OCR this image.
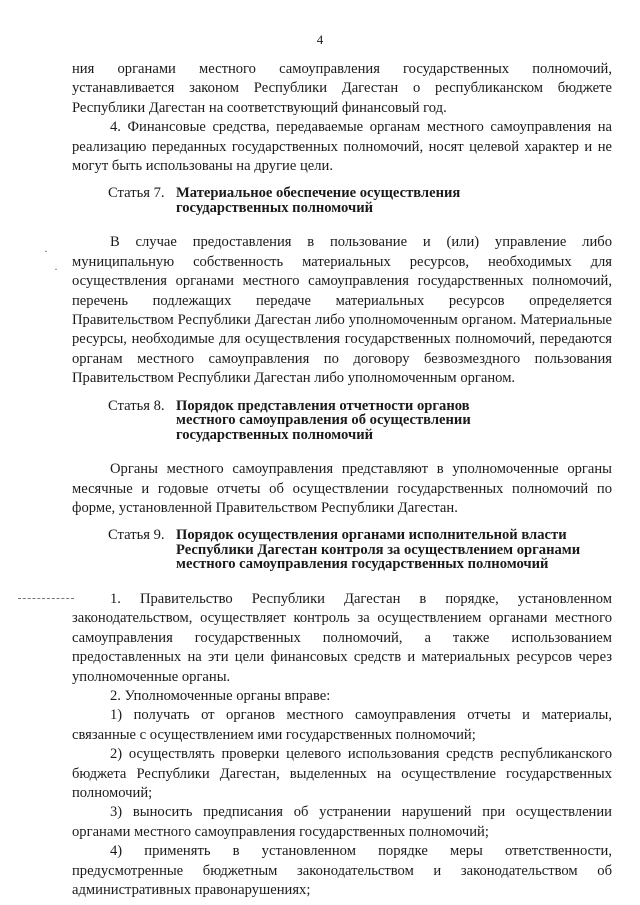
4

ния органами местного самоуправления государственных полномочий, устанавливается законом Республики Дагестан о республиканском бюджете Республики Дагестан на соответствующий финансовый год.

4. Финансовые средства, передаваемые органам местного самоуправления на реализацию переданных государственных полномочий, носят целевой характер и не могут быть использованы на другие цели.

Статья 7. Материальное обеспечение осуществления
государственных полномочий

В случае предоставления в пользование и (или) управление либо муниципальную собственность материальных ресурсов, необходимых для осуществления органами местного самоуправления государственных полномочий, перечень подлежащих передаче материальных ресурсов определяется Правительством Республики Дагестан либо уполномоченным органом. Материальные ресурсы, необходимые для осуществления государственных полномочий, передаются органам местного самоуправления по договору безвозмездного пользования Правительством Республики Дагестан либо уполномоченным органом.

Статья 8. Порядок представления отчетности органов
местного самоуправления об осуществлении
государственных полномочий

Органы местного самоуправления представляют в уполномоченные органы месячные и годовые отчеты об осуществлении государственных полномочий по форме, установленной Правительством Республики Дагестан.

Статья 9. Порядок осуществления органами исполнительной власти
Республики Дагестан контроля за осуществлением органами
местного самоуправления государственных полномочий

1. Правительство Республики Дагестан в порядке, установленном законодательством, осуществляет контроль за осуществлением органами местного самоуправления государственных полномочий, а также использованием предоставленных на эти цели финансовых средств и материальных ресурсов через уполномоченные органы.

2. Уполномоченные органы вправе:

1) получать от органов местного самоуправления отчеты и материалы, связанные с осуществлением ими государственных полномочий;

2) осуществлять проверки целевого использования средств республиканского бюджета Республики Дагестан, выделенных на осуществление государственных полномочий;

3) выносить предписания об устранении нарушений при осуществлении органами местного самоуправления государственных полномочий;

4) применять в установленном порядке меры ответственности, предусмотренные бюджетным законодательством и законодательством об административных правонарушениях;

·
·
